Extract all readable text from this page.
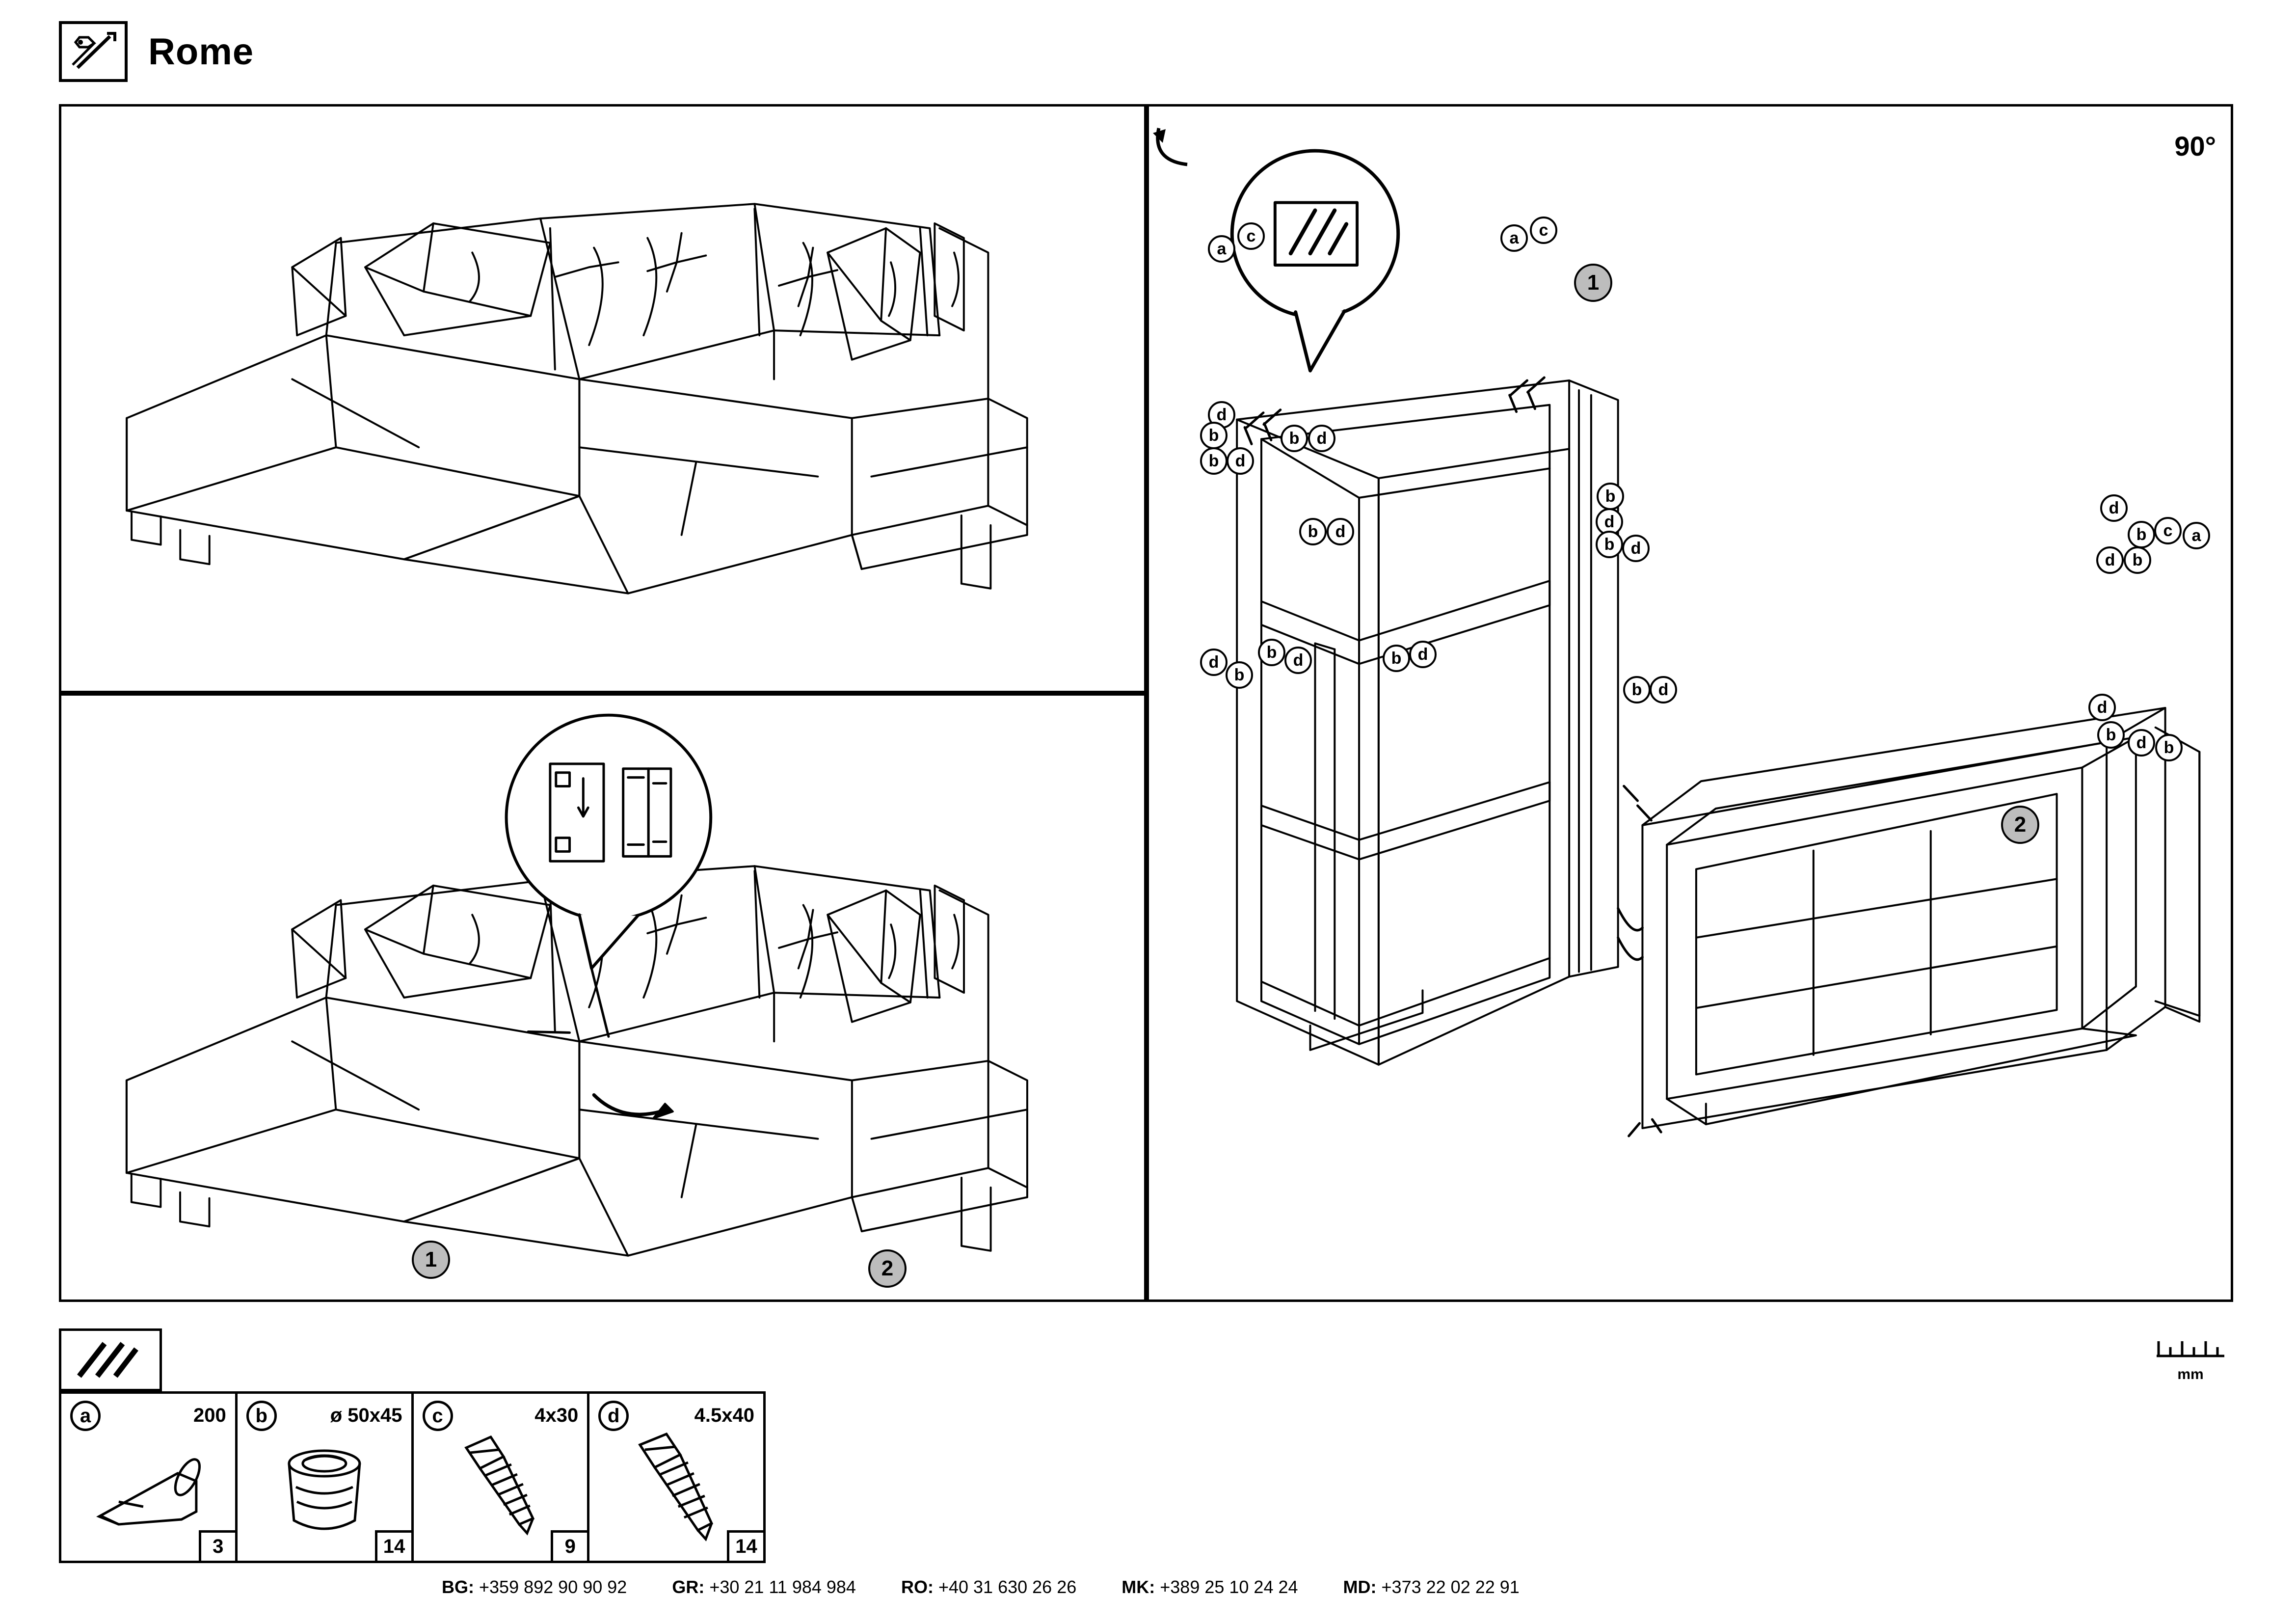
Rome
1	2
90°
1
2
a
c	a	c
d
b
b d
b	d
b	d
d
b
b d	b d
b
d
b d
b d
d
b	c	a
d	b
d
b	d	b
a	200
3
b	ø 50x45
14
c	4x30
9
d	4.5x40
14
mm
BG: +359 892 90 90 92	GR: +30 21 11 984 984	RO: +40 31 630 26 26	MK: +389 25 10 24 24	MD: +373 22 02 22 91
